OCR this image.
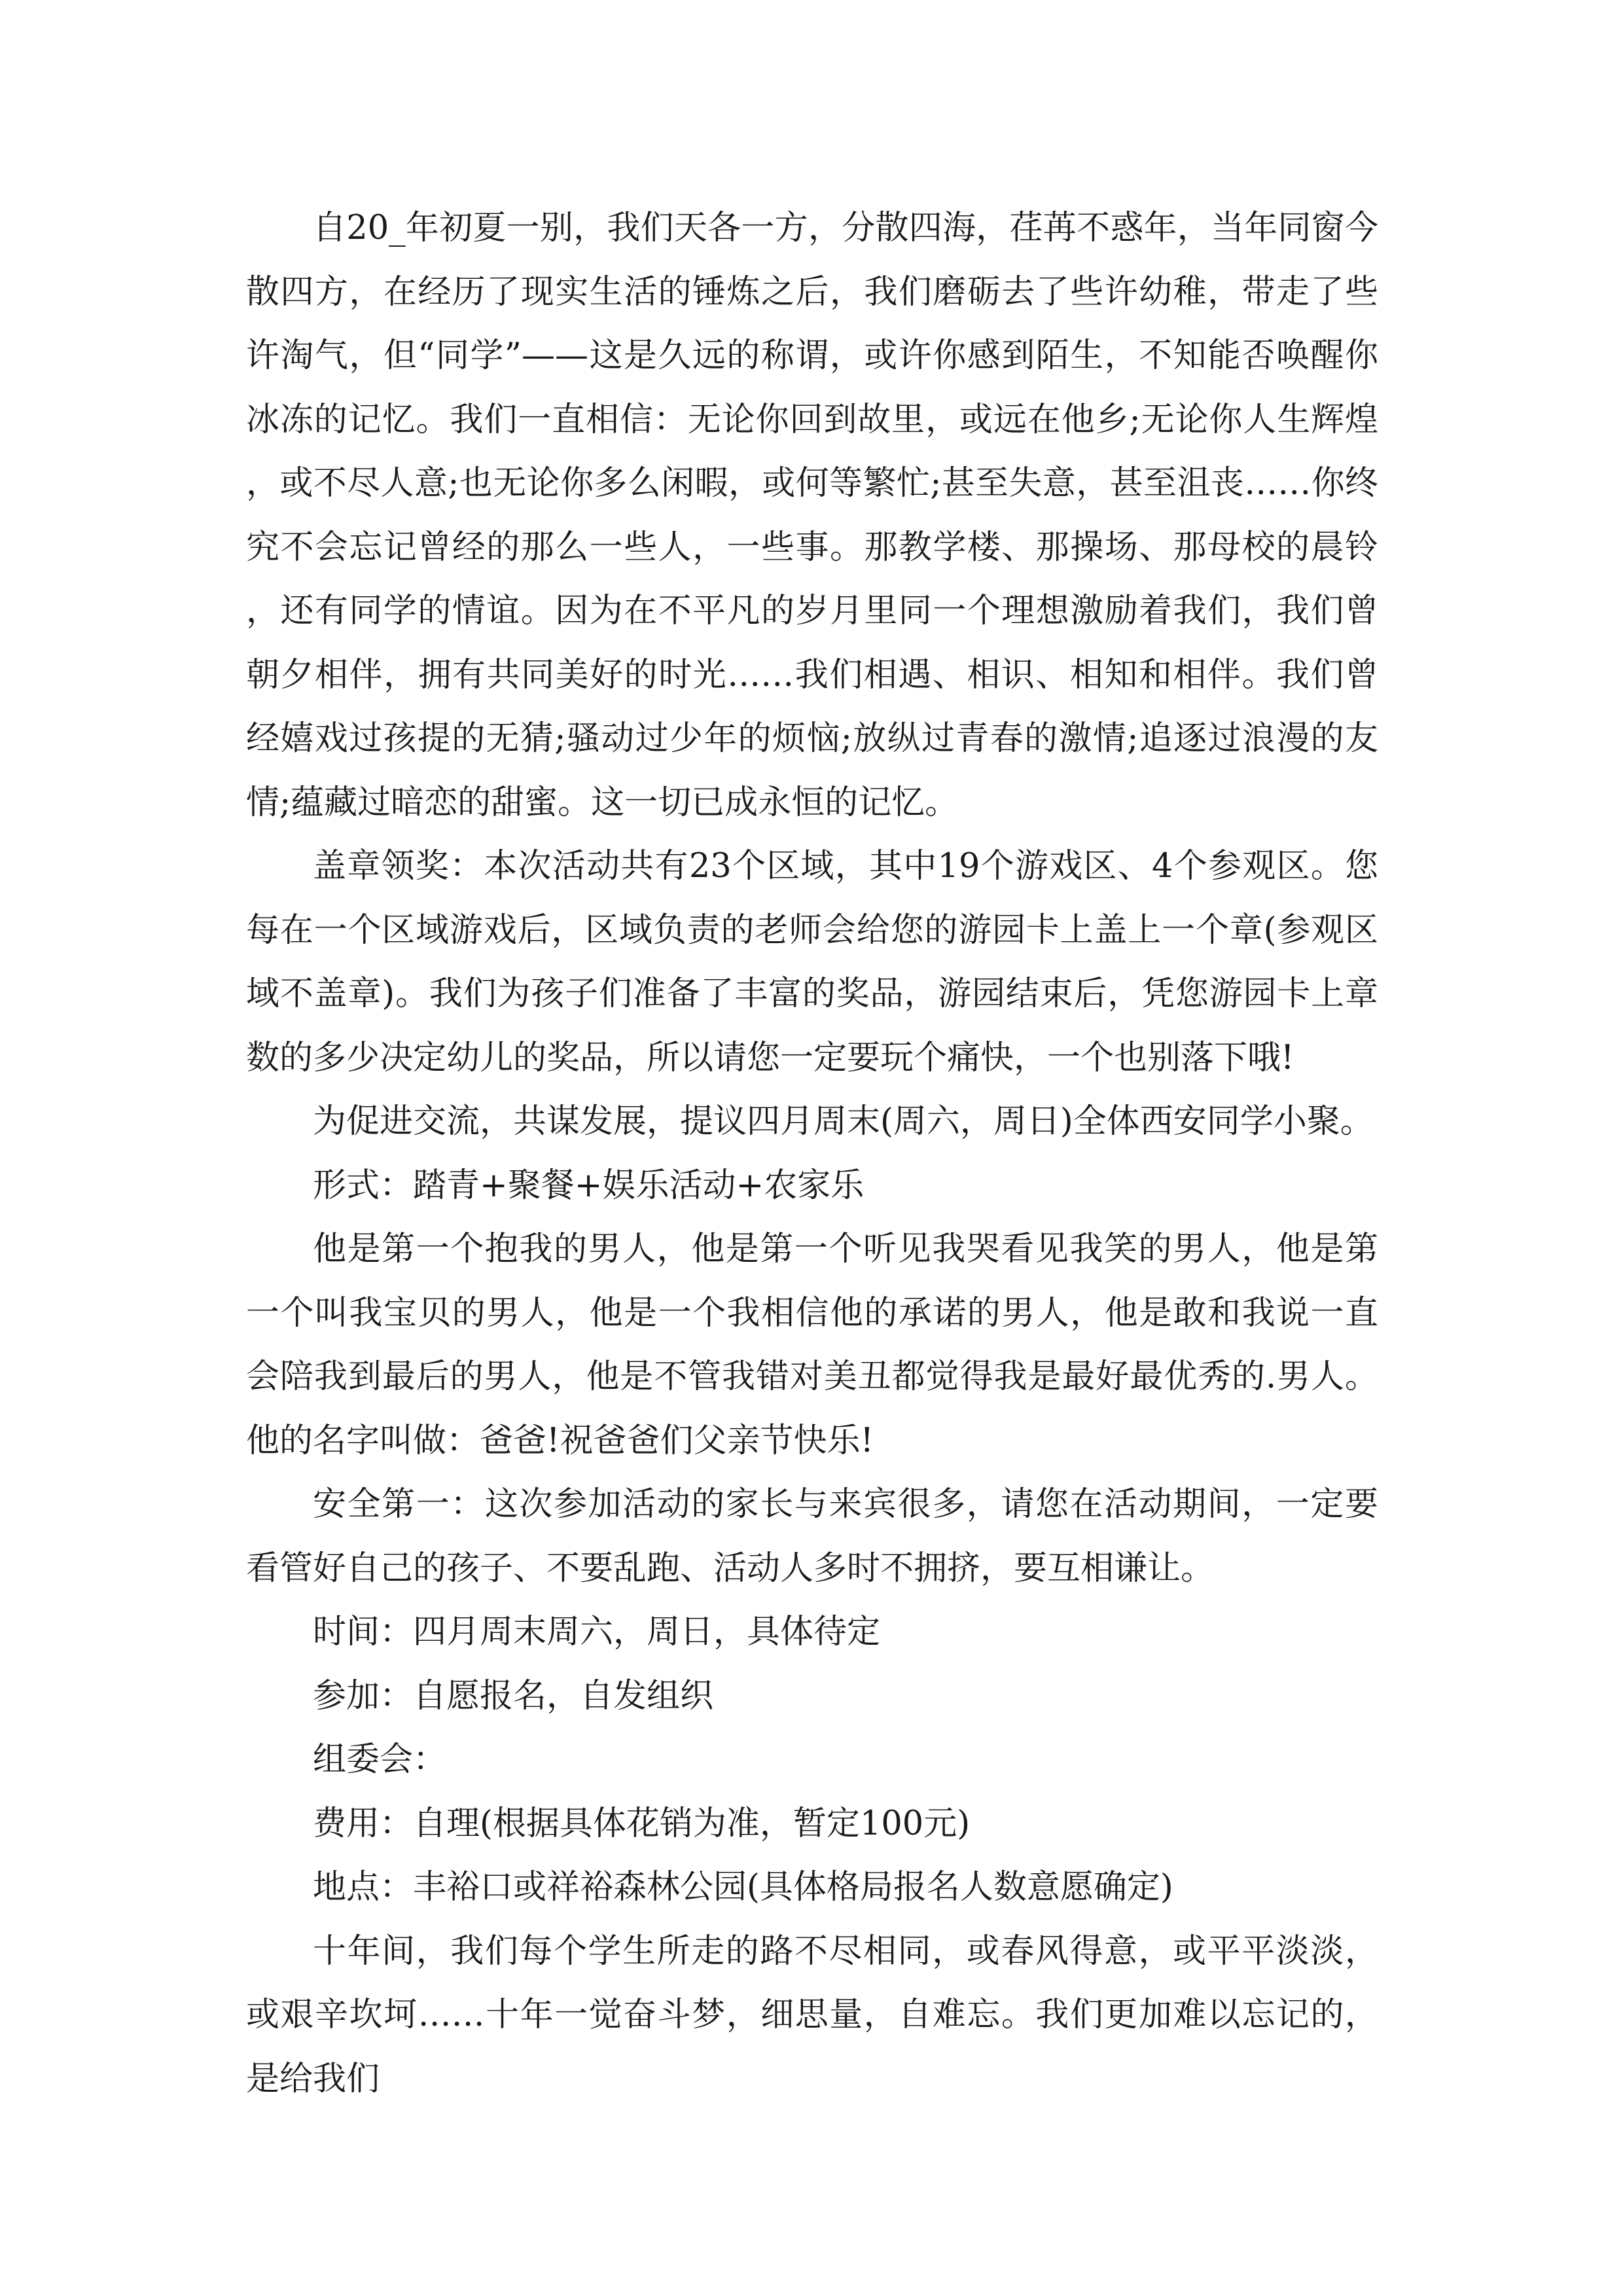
自20_年初夏一别，我们天各一方，分散四海，荏苒不惑年，当年同窗今散四方，在经历了现实生活的锤炼之后，我们磨砺去了些许幼稚，带走了些许淘气，但“同学”——这是久远的称谓，或许你感到陌生，不知能否唤醒你冰冻的记忆。我们一直相信：无论你回到故里，或远在他乡;无论你人生辉煌，或不尽人意;也无论你多么闲暇，或何等繁忙;甚至失意，甚至沮丧……你终究不会忘记曾经的那么一些人，一些事。那教学楼、那操场、那母校的晨铃，还有同学的情谊。因为在不平凡的岁月里同一个理想激励着我们，我们曾朝夕相伴，拥有共同美好的时光……我们相遇、相识、相知和相伴。我们曾经嬉戏过孩提的无猜;骚动过少年的烦恼;放纵过青春的激情;追逐过浪漫的友情;蕴藏过暗恋的甜蜜。这一切已成永恒的记忆。

盖章领奖：本次活动共有23个区域，其中19个游戏区、4个参观区。您每在一个区域游戏后，区域负责的老师会给您的游园卡上盖上一个章(参观区域不盖章)。我们为孩子们准备了丰富的奖品，游园结束后，凭您游园卡上章数的多少决定幼儿的奖品，所以请您一定要玩个痛快，一个也别落下哦!

为促进交流，共谋发展，提议四月周末(周六，周日)全体西安同学小聚。

形式：踏青+聚餐+娱乐活动+农家乐

他是第一个抱我的男人，他是第一个听见我哭看见我笑的男人，他是第一个叫我宝贝的男人，他是一个我相信他的承诺的男人，他是敢和我说一直会陪我到最后的男人，他是不管我错对美丑都觉得我是最好最优秀的.男人。他的名字叫做：爸爸!祝爸爸们父亲节快乐!

安全第一：这次参加活动的家长与来宾很多，请您在活动期间，一定要看管好自己的孩子、不要乱跑、活动人多时不拥挤，要互相谦让。

时间：四月周末周六，周日，具体待定

参加：自愿报名，自发组织

组委会：

费用：自理(根据具体花销为准，暂定100元)

地点：丰裕口或祥裕森林公园(具体格局报名人数意愿确定)

十年间，我们每个学生所走的路不尽相同，或春风得意，或平平淡淡，或艰辛坎坷……十年一觉奋斗梦，细思量，自难忘。我们更加难以忘记的，是给我们
